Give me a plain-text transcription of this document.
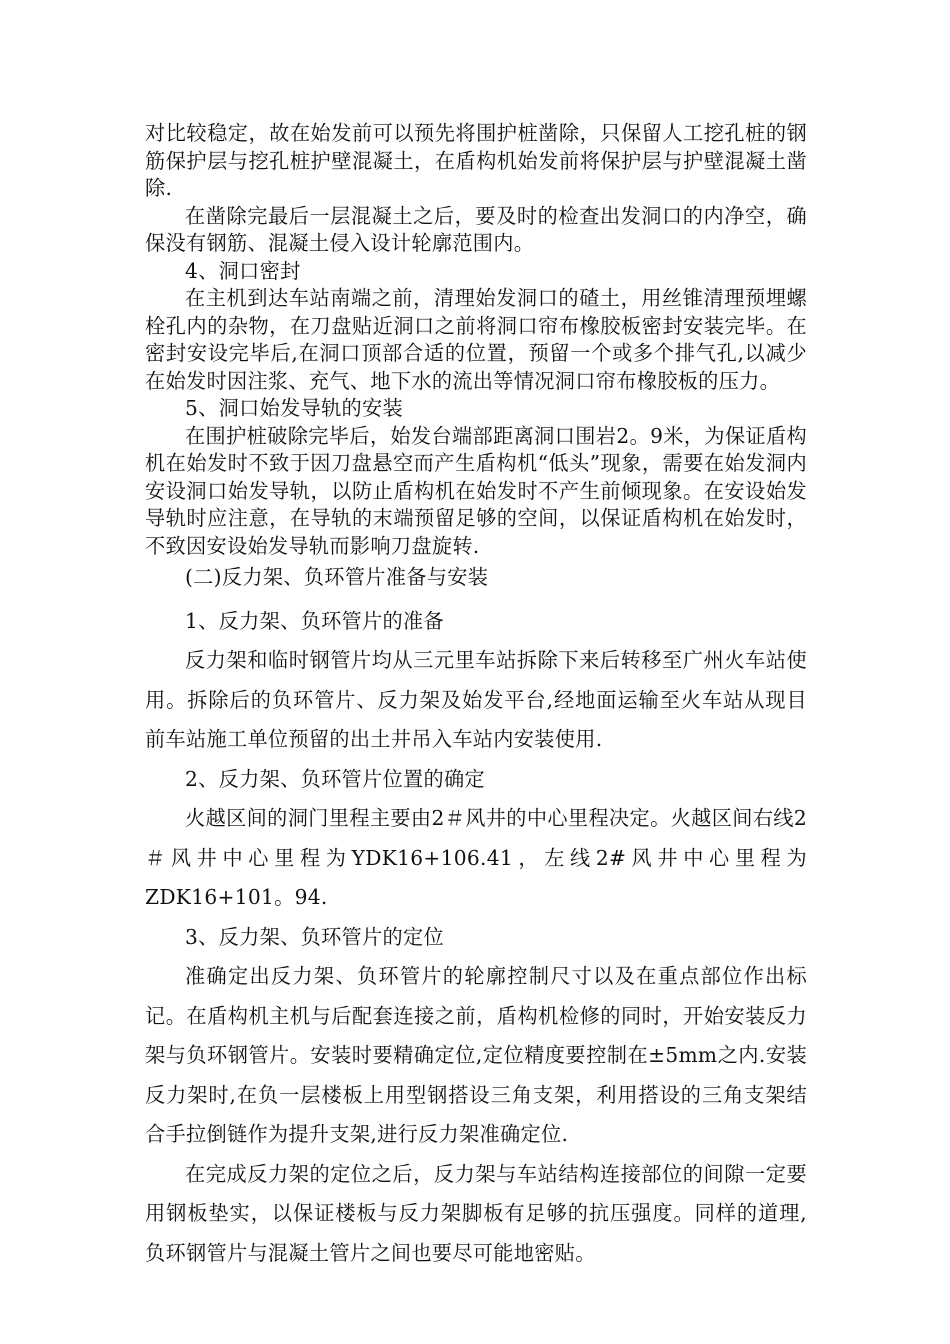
对比较稳定，故在始发前可以预先将围护桩凿除，只保留人工挖孔桩的钢筋保护层与挖孔桩护壁混凝土，在盾构机始发前将保护层与护壁混凝土凿除.

在凿除完最后一层混凝土之后，要及时的检查出发洞口的内净空，确保没有钢筋、混凝土侵入设计轮廓范围内。

4、洞口密封

在主机到达车站南端之前，清理始发洞口的碴土，用丝锥清理预埋螺栓孔内的杂物，在刀盘贴近洞口之前将洞口帘布橡胶板密封安装完毕。在密封安设完毕后,在洞口顶部合适的位置，预留一个或多个排气孔,以减少在始发时因注浆、充气、地下水的流出等情况洞口帘布橡胶板的压力。

5、洞口始发导轨的安装

在围护桩破除完毕后，始发台端部距离洞口围岩2。9米，为保证盾构机在始发时不致于因刀盘悬空而产生盾构机“低头”现象，需要在始发洞内安设洞口始发导轨，以防止盾构机在始发时不产生前倾现象。在安设始发导轨时应注意，在导轨的末端预留足够的空间，以保证盾构机在始发时，不致因安设始发导轨而影响刀盘旋转.

(二)反力架、负环管片准备与安装

1、反力架、负环管片的准备

反力架和临时钢管片均从三元里车站拆除下来后转移至广州火车站使用。拆除后的负环管片、反力架及始发平台,经地面运输至火车站从现目前车站施工单位预留的出土井吊入车站内安装使用.

2、反力架、负环管片位置的确定

火越区间的洞门里程主要由2＃风井的中心里程决定。火越区间右线2＃风井中心里程为YDK16+106.41，左线2#风井中心里程为ZDK16+101。94.

3、反力架、负环管片的定位

准确定出反力架、负环管片的轮廓控制尺寸以及在重点部位作出标记。在盾构机主机与后配套连接之前，盾构机检修的同时，开始安装反力架与负环钢管片。安装时要精确定位,定位精度要控制在±5mm之内.安装反力架时,在负一层楼板上用型钢搭设三角支架，利用搭设的三角支架结合手拉倒链作为提升支架,进行反力架准确定位.

在完成反力架的定位之后，反力架与车站结构连接部位的间隙一定要用钢板垫实，以保证楼板与反力架脚板有足够的抗压强度。同样的道理,负环钢管片与混凝土管片之间也要尽可能地密贴。
